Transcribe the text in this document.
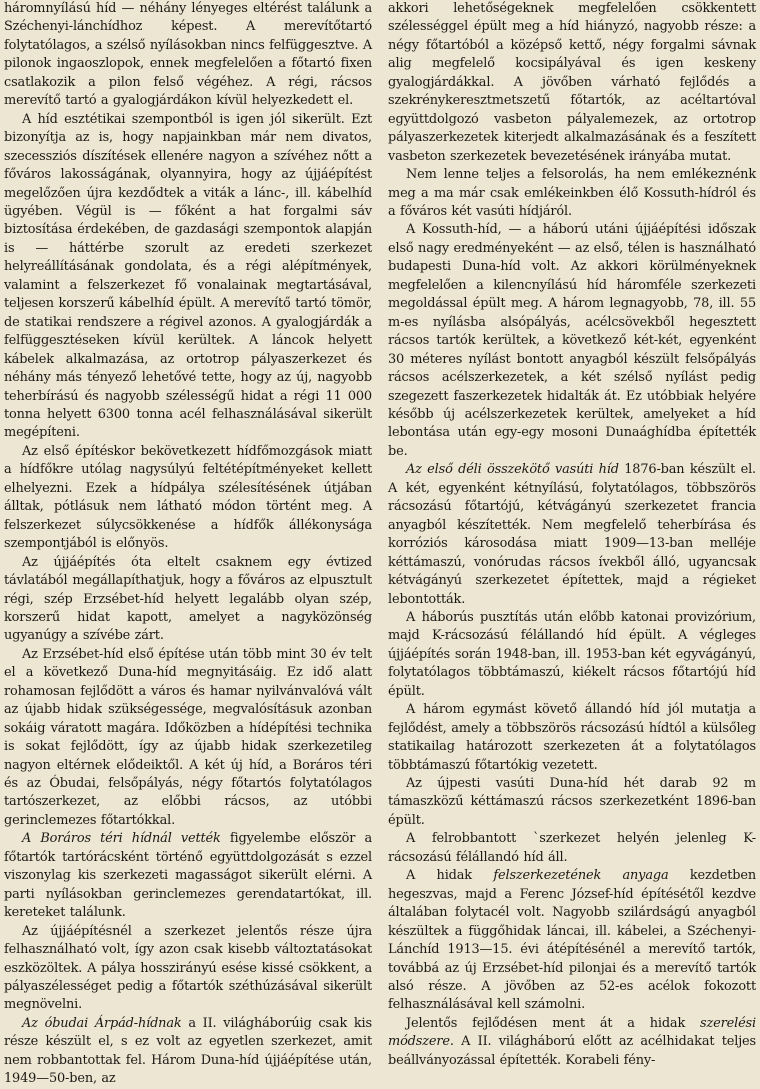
háromnyílású híd — néhány lényeges eltérést találunk a Széchenyi-lánchídhoz képest. A merevítőtartó folytatólagos, a szélső nyílásokban nincs felfüggesztve. A pilonok ingaoszlopok, ennek megfelelően a főtartó fixen csatlakozik a pilon felső végéhez. A régi, rácsos merevítő tartó a gyalogjárdákon kívül helyezkedett el.

A híd esztétikai szempontból is igen jól sikerült. Ezt bizonyítja az is, hogy napjainkban már nem divatos, szecessziós díszítések ellenére nagyon a szívéhez nőtt a főváros lakosságának, olyannyira, hogy az újjáépítést megelőzően újra kezdődtek a viták a lánc-, ill. kábelhíd ügyében. Végül is — főként a hat forgalmi sáv biztosítása érdekében, de gazdasági szempontok alapján is — háttérbe szorult az eredeti szerkezet helyreállításának gondolata, és a régi alépítmények, valamint a felszerkezet fő vonalainak megtartásával, teljesen korszerű kábelhíd épült. A merevítő tartó tömör, de statikai rendszere a régivel azonos. A gyalogjárdák a felfüggesztéseken kívül kerültek. A láncok helyett kábelek alkalmazása, az ortotrop pályaszerkezet és néhány más tényező lehetővé tette, hogy az új, nagyobb teherbírású és nagyobb szélességű hidat a régi 11 000 tonna helyett 6300 tonna acél felhasználásával sikerült megépíteni.

Az első építéskor bekövetkezett hídfőmozgások miatt a hídfőkre utólag nagysúlyú feltétépítményeket kellett elhelyezni. Ezek a hídpálya szélesítésének útjában álltak, pótlásuk nem látható módon történt meg. A felszerkezet súlycsökkenése a hídfők állékonysága szempontjából is előnyös.

Az újjáépítés óta eltelt csaknem egy évtized távlatából megállapíthatjuk, hogy a főváros az elpusztult régi, szép Erzsébet-híd helyett legalább olyan szép, korszerű hidat kapott, amelyet a nagyközönség ugyanúgy a szívébe zárt.

Az Erzsébet-híd első építése után több mint 30 év telt el a következő Duna-híd megnyitásáig. Ez idő alatt rohamosan fejlődött a város és hamar nyilvánvalóvá vált az újabb hidak szükségessége, megvalósításuk azonban sokáig váratott magára. Időközben a hídépítési technika is sokat fejlődött, így az újabb hidak szerkezetileg nagyon eltérnek elődeiktől. A két új híd, a Boráros téri és az Óbudai, felsőpályás, négy főtartós folytatólagos tartószerkezet, az előbbi rácsos, az utóbbi gerinclemezes főtartókkal.

A Boráros téri hídnál vették figyelembe először a főtartók tartórácsként történő együttdolgozását s ezzel viszonylag kis szerkezeti magasságot sikerült elérni. A parti nyílásokban gerinclemezes gerendatartókat, ill. kereteket találunk.

Az újjáépítésnél a szerkezet jelentős része újra felhasználható volt, így azon csak kisebb változtatásokat eszközöltek. A pálya hosszirányú esése kissé csökkent, a pályaszélességet pedig a főtartók széthúzásával sikerült megnövelni.

Az óbudai Árpád-hídnak a II. világháborúig csak kis része készült el, s ez volt az egyetlen szerkezet, amit nem robbantottak fel. Három Duna-híd újjáépítése után, 1949—50-ben, az

akkori lehetőségeknek megfelelően csökkentett szélességgel épült meg a híd hiányzó, nagyobb része: a négy főtartóból a középső kettő, négy forgalmi sávnak alig megfelelő kocsipályával és igen keskeny gyalogjárdákkal. A jövőben várható fejlődés a szekrénykeresztmetszetű főtartók, az acéltartóval együttdolgozó vasbeton pályalemezek, az ortotrop pályaszerkezetek kiterjedt alkalmazásának és a feszített vasbeton szerkezetek bevezetésének irányába mutat.

Nem lenne teljes a felsorolás, ha nem emlékeznénk meg a ma már csak emlékeinkben élő Kossuth-hídról és a főváros két vasúti hídjáról.

A Kossuth-híd, — a háború utáni újjáépítési időszak első nagy eredményeként — az első, télen is használható budapesti Duna-híd volt. Az akkori körülményeknek megfelelően a kilencnyílású híd háromféle szerkezeti megoldással épült meg. A három legnagyobb, 78, ill. 55 m-es nyílásba alsópályás, acélcsövekből hegesztett rácsos tartók kerültek, a következő két-két, egyenként 30 méteres nyílást bontott anyagból készült felsőpályás rácsos acélszerkezetek, a két szélső nyílást pedig szegezett faszerkezetek hidalták át. Ez utóbbiak helyére később új acélszerkezetek kerültek, amelyeket a híd lebontása után egy-egy mosoni Dunaághídba építették be.

Az első déli összekötő vasúti híd 1876-ban készült el. A két, egyenként kétnyílású, folytatólagos, többszörös rácsozású főtartójú, kétvágányú szerkezetet francia anyagból készítették. Nem megfelelő teherbírása és korróziós károsodása miatt 1909—13-ban melléje kéttámaszú, vonórudas rácsos ívekből álló, ugyancsak kétvágányú szerkezetet építettek, majd a régieket lebontották.

A háborús pusztítás után előbb katonai provizórium, majd K-rácsozású félállandó híd épült. A végleges újjáépítés során 1948-ban, ill. 1953-ban két egyvágányú, folytatólagos többtámaszú, kiékelt rácsos főtartójú híd épült.

A három egymást követő állandó híd jól mutatja a fejlődést, amely a többszörös rácsozású hídtól a külsőleg statikailag határozott szerkezeten át a folytatólagos többtámaszú főtartókig vezetett.

Az újpesti vasúti Duna-híd hét darab 92 m támaszközű kéttámaszú rácsos szerkezetként 1896-ban épült.

A felrobbantott `szerkezet helyén jelenleg K-rácsozású félállandó híd áll.

A hidak felszerkezetének anyaga kezdetben hegeszvas, majd a Ferenc József-híd építésétől kezdve általában folytacél volt. Nagyobb szilárdságú anyagból készültek a függőhidak láncai, ill. kábelei, a Széchenyi-Lánchíd 1913—15. évi átépítésénél a merevítő tartók, továbbá az új Erzsébet-híd pilonjai és a merevítő tartók alsó része. A jövőben az 52-es acélok fokozott felhasználásával kell számolni.

Jelentős fejlődésen ment át a hidak szerelési módszere. A II. világháború előtt az acélhidakat teljes beállványozással építették. Korabeli fény-
